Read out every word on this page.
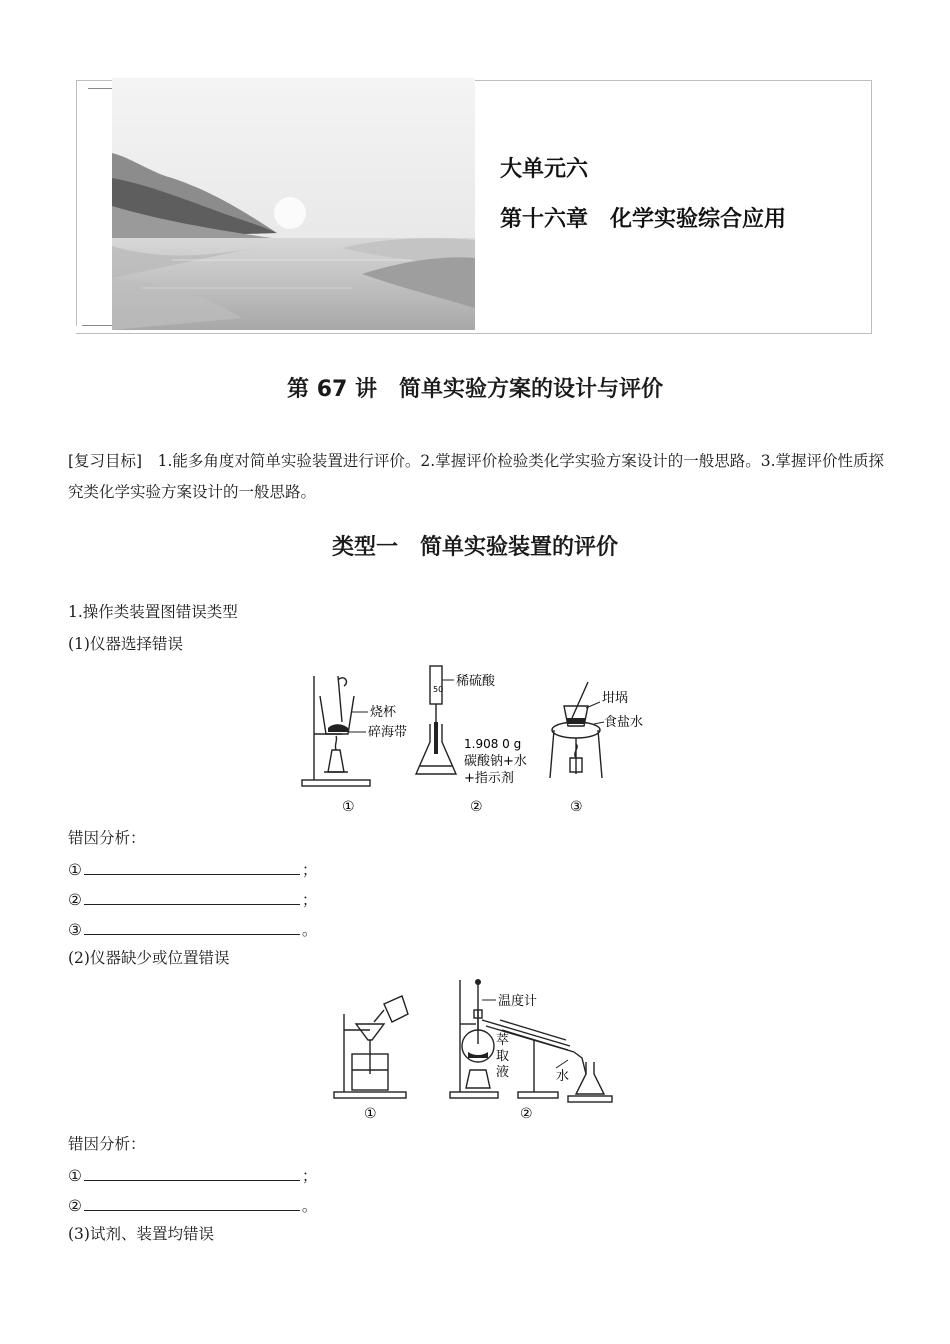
大单元六
第十六章　化学实验综合应用
第 67 讲　简单实验方案的设计与评价
[复习目标]　1.能多角度对简单实验装置进行评价。2.掌握评价检验类化学实验方案设计的一般思路。3.掌握评价性质探究类化学实验方案设计的一般思路。
类型一　简单实验装置的评价
1.操作类装置图错误类型
(1)仪器选择错误
50
烧杯
碎海带
稀硫酸
1.908 0 g
碳酸钠+水
+指示剂
坩埚
食盐水
①	②	③
错因分析：
①	；
②	；
③	。
(2)仪器缺少或位置错误
温度计
萃
取
液	水
①	②
错因分析：
①	；
②	。
(3)试剂、装置均错误
